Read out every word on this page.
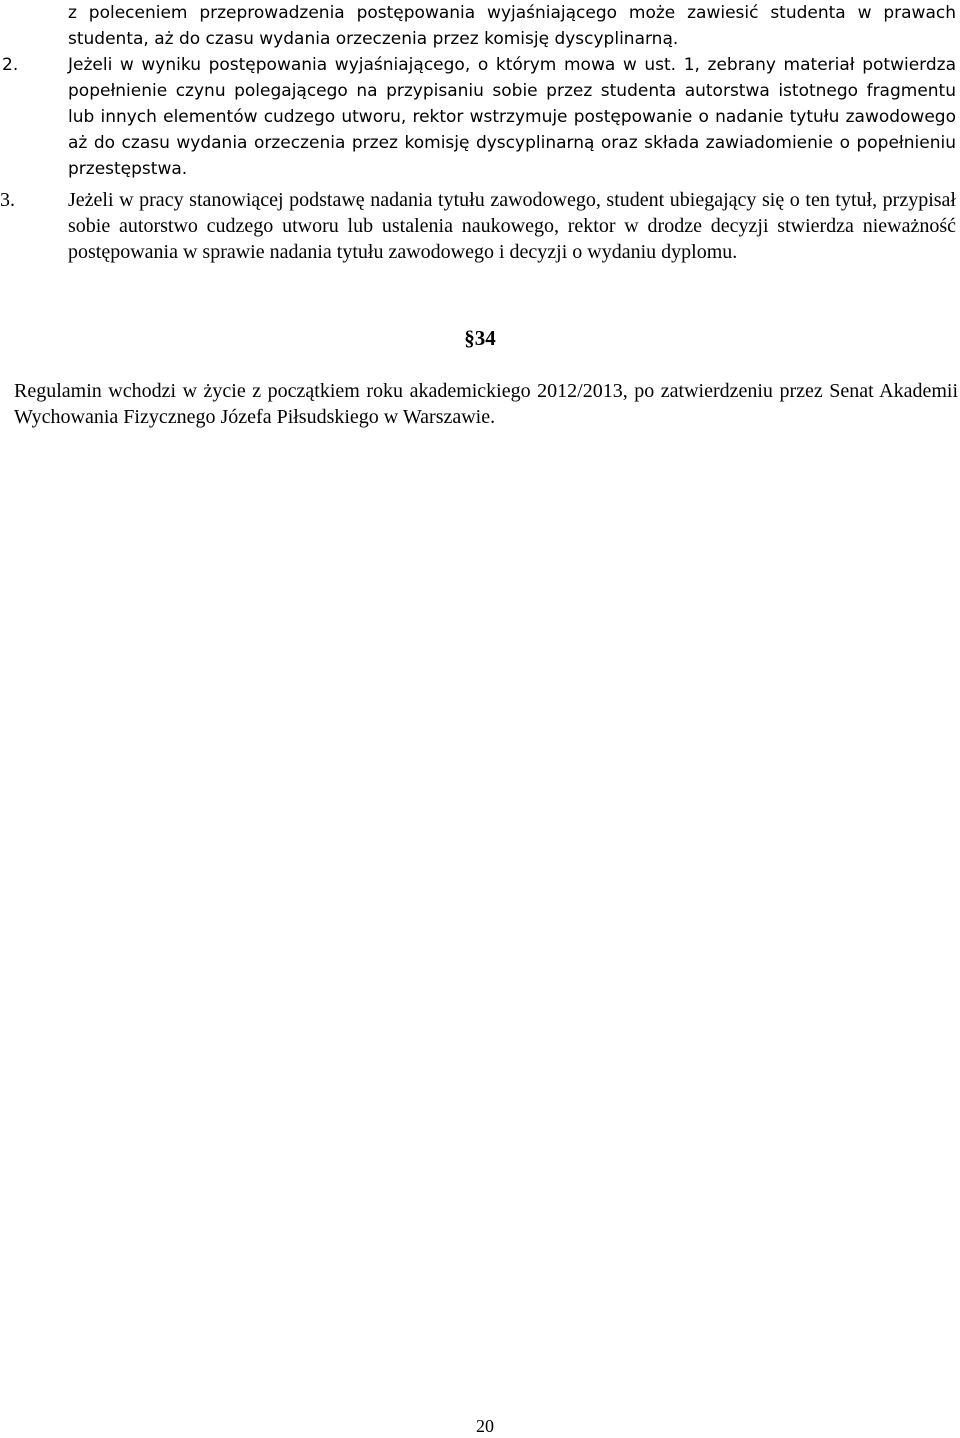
z poleceniem przeprowadzenia postępowania wyjaśniającego może zawiesić studenta w prawach studenta, aż do czasu wydania orzeczenia przez komisję dyscyplinarną.
2.	Jeżeli w wyniku postępowania wyjaśniającego, o którym mowa w ust. 1, zebrany materiał potwierdza popełnienie czynu polegającego na przypisaniu sobie przez studenta autorstwa istotnego fragmentu lub innych elementów cudzego utworu, rektor wstrzymuje postępowanie o nadanie tytułu zawodowego aż do czasu wydania orzeczenia przez komisję dyscyplinarną oraz składa zawiadomienie o popełnieniu przestępstwa.
3.	Jeżeli w pracy stanowiącej podstawę nadania tytułu zawodowego, student ubiegający się o ten tytuł, przypisał sobie autorstwo cudzego utworu lub ustalenia naukowego, rektor w drodze decyzji stwierdza nieważność postępowania w sprawie nadania tytułu zawodowego i decyzji o wydaniu dyplomu.
§34
Regulamin wchodzi w życie z początkiem roku akademickiego 2012/2013, po zatwierdzeniu przez Senat Akademii Wychowania Fizycznego Józefa Piłsudskiego w Warszawie.
20
